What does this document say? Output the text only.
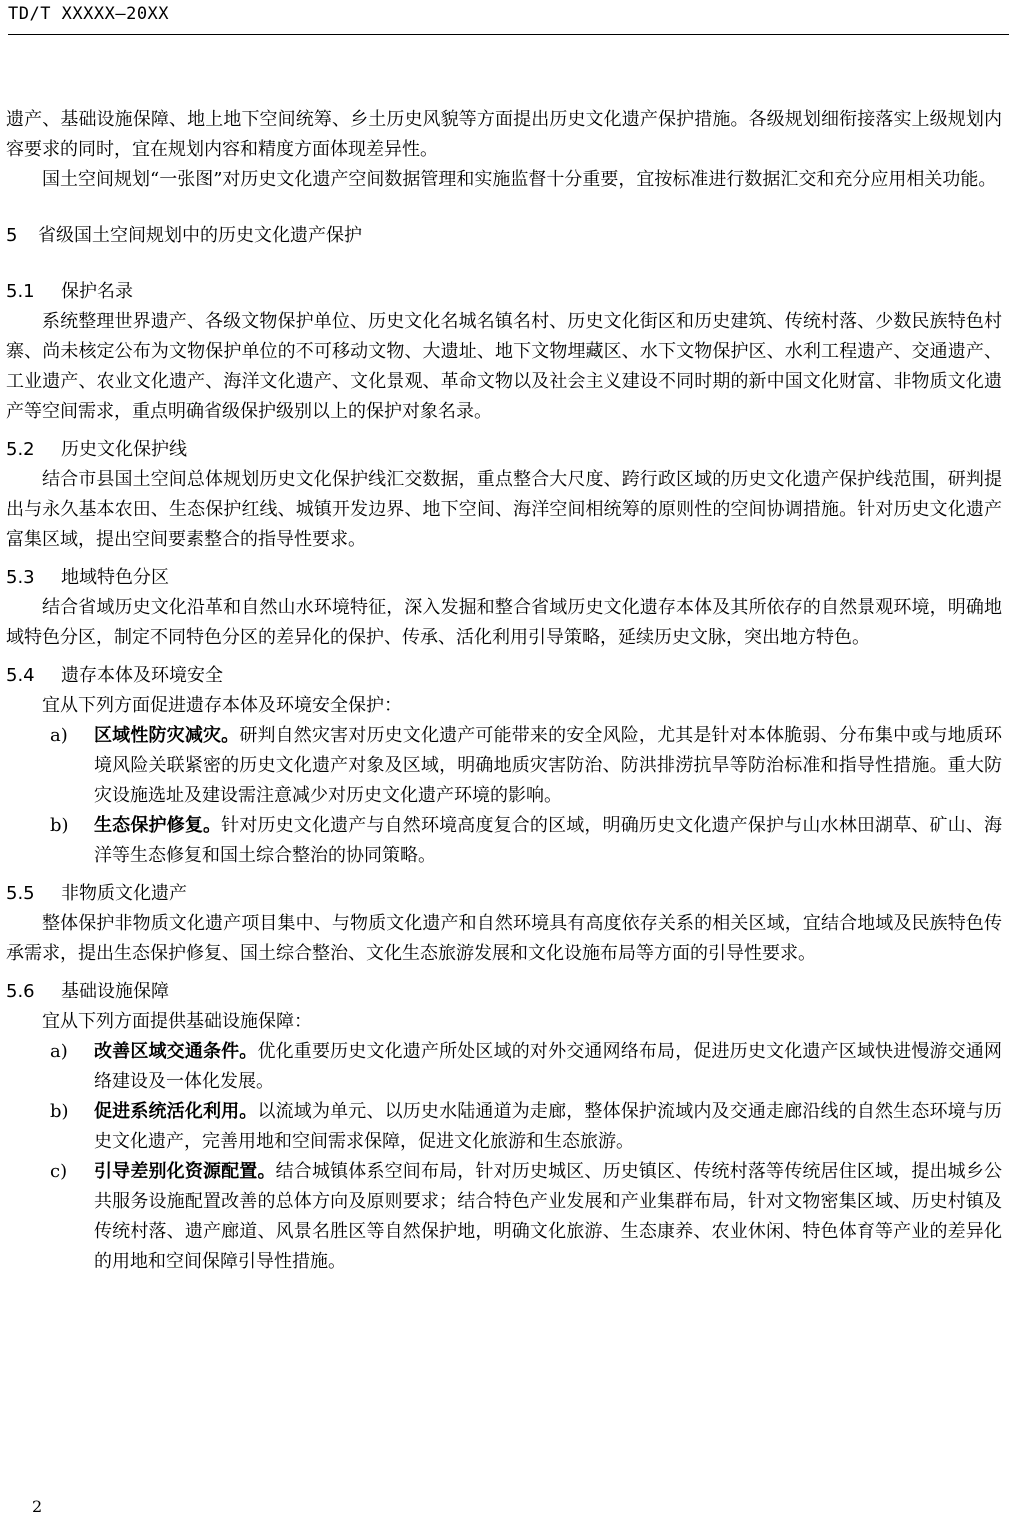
TD/T XXXXX—20XX

遗产、基础设施保障、地上地下空间统筹、乡土历史风貌等方面提出历史文化遗产保护措施。各级规划细衔接落实上级规划内容要求的同时，宜在规划内容和精度方面体现差异性。

国土空间规划“一张图”对历史文化遗产空间数据管理和实施监督十分重要，宜按标准进行数据汇交和充分应用相关功能。

5 省级国土空间规划中的历史文化遗产保护
5.1 保护名录

系统整理世界遗产、各级文物保护单位、历史文化名城名镇名村、历史文化街区和历史建筑、传统村落、少数民族特色村寨、尚未核定公布为文物保护单位的不可移动文物、大遗址、地下文物埋藏区、水下文物保护区、水利工程遗产、交通遗产、工业遗产、农业文化遗产、海洋文化遗产、文化景观、革命文物以及社会主义建设不同时期的新中国文化财富、非物质文化遗产等空间需求，重点明确省级保护级别以上的保护对象名录。

5.2 历史文化保护线

结合市县国土空间总体规划历史文化保护线汇交数据，重点整合大尺度、跨行政区域的历史文化遗产保护线范围，研判提出与永久基本农田、生态保护红线、城镇开发边界、地下空间、海洋空间相统筹的原则性的空间协调措施。针对历史文化遗产富集区域，提出空间要素整合的指导性要求。

5.3 地域特色分区

结合省域历史文化沿革和自然山水环境特征，深入发掘和整合省域历史文化遗存本体及其所依存的自然景观环境，明确地域特色分区，制定不同特色分区的差异化的保护、传承、活化利用引导策略，延续历史文脉，突出地方特色。

5.4 遗存本体及环境安全

宜从下列方面促进遗存本体及环境安全保护：

a)	区域性防灾减灾。研判自然灾害对历史文化遗产可能带来的安全风险，尤其是针对本体脆弱、分布集中或与地质环境风险关联紧密的历史文化遗产对象及区域，明确地质灾害防治、防洪排涝抗旱等防治标准和指导性措施。重大防灾设施选址及建设需注意减少对历史文化遗产环境的影响。
b)	生态保护修复。针对历史文化遗产与自然环境高度复合的区域，明确历史文化遗产保护与山水林田湖草、矿山、海洋等生态修复和国土综合整治的协同策略。
5.5 非物质文化遗产

整体保护非物质文化遗产项目集中、与物质文化遗产和自然环境具有高度依存关系的相关区域，宜结合地域及民族特色传承需求，提出生态保护修复、国土综合整治、文化生态旅游发展和文化设施布局等方面的引导性要求。

5.6 基础设施保障

宜从下列方面提供基础设施保障：

a)	改善区域交通条件。优化重要历史文化遗产所处区域的对外交通网络布局，促进历史文化遗产区域快进慢游交通网络建设及一体化发展。
b)	促进系统活化利用。以流域为单元、以历史水陆通道为走廊，整体保护流域内及交通走廊沿线的自然生态环境与历史文化遗产，完善用地和空间需求保障，促进文化旅游和生态旅游。
c)	引导差别化资源配置。结合城镇体系空间布局，针对历史城区、历史镇区、传统村落等传统居住区域，提出城乡公共服务设施配置改善的总体方向及原则要求；结合特色产业发展和产业集群布局，针对文物密集区域、历史村镇及传统村落、遗产廊道、风景名胜区等自然保护地，明确文化旅游、生态康养、农业休闲、特色体育等产业的差异化的用地和空间保障引导性措施。
2
